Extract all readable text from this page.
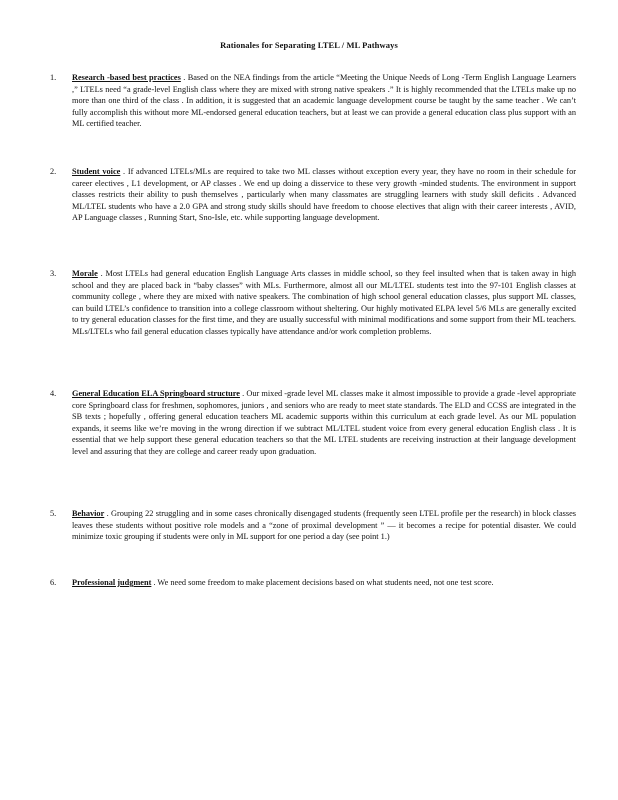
Rationales for Separating LTEL / ML Pathways
1. Research -based best practices . Based on the NEA findings from the article “Meeting the Unique Needs of Long -Term English Language Learners ,” LTELs need “a grade-level English class where they are mixed with strong native speakers .” It is highly recommended that the LTELs make up no more than one third of the class . In addition, it is suggested that an academic language development course be taught by the same teacher . We can’t fully accomplish this without more ML-endorsed general education teachers, but at least we can provide a general education class plus support with an ML certified teacher.
2. Student voice . If advanced LTELs/MLs are required to take two ML classes without exception every year, they have no room in their schedule for career electives , L1 development, or AP classes . We end up doing a disservice to these very growth -minded students. The environment in support classes restricts their ability to push themselves , particularly when many classmates are struggling learners with study skill deficits . Advanced ML/LTEL students who have a 2.0 GPA and strong study skills should have freedom to choose electives that align with their career interests , AVID, AP Language classes , Running Start, Sno-Isle, etc. while supporting language development.
3. Morale . Most LTELs had general education English Language Arts classes in middle school, so they feel insulted when that is taken away in high school and they are placed back in “baby classes” with MLs. Furthermore, almost all our ML/LTEL students test into the 97-101 English classes at community college , where they are mixed with native speakers. The combination of high school general education classes, plus support ML classes, can build LTEL’s confidence to transition into a college classroom without sheltering. Our highly motivated ELPA level 5/6 MLs are generally excited to try general education classes for the first time, and they are usually successful with minimal modifications and some support from their ML teachers. MLs/LTELs who fail general education classes typically have attendance and/or work completion problems.
4. General Education ELA Springboard structure . Our mixed -grade level ML classes make it almost impossible to provide a grade -level appropriate core Springboard class for freshmen, sophomores, juniors , and seniors who are ready to meet state standards. The ELD and CCSS are integrated in the SB texts ; hopefully , offering general education teachers ML academic supports within this curriculum at each grade level. As our ML population expands, it seems like we’re moving in the wrong direction if we subtract ML/LTEL student voice from every general education English class . It is essential that we help support these general education teachers so that the ML LTEL students are receiving instruction at their language development level and assuring that they are college and career ready upon graduation.
5. Behavior . Grouping 22 struggling and in some cases chronically disengaged students (frequently seen LTEL profile per the research) in block classes leaves these students without positive role models and a “zone of proximal development ” — it becomes a recipe for potential disaster. We could minimize toxic grouping if students were only in ML support for one period a day (see point 1.)
6. Professional judgment . We need some freedom to make placement decisions based on what students need, not one test score.
